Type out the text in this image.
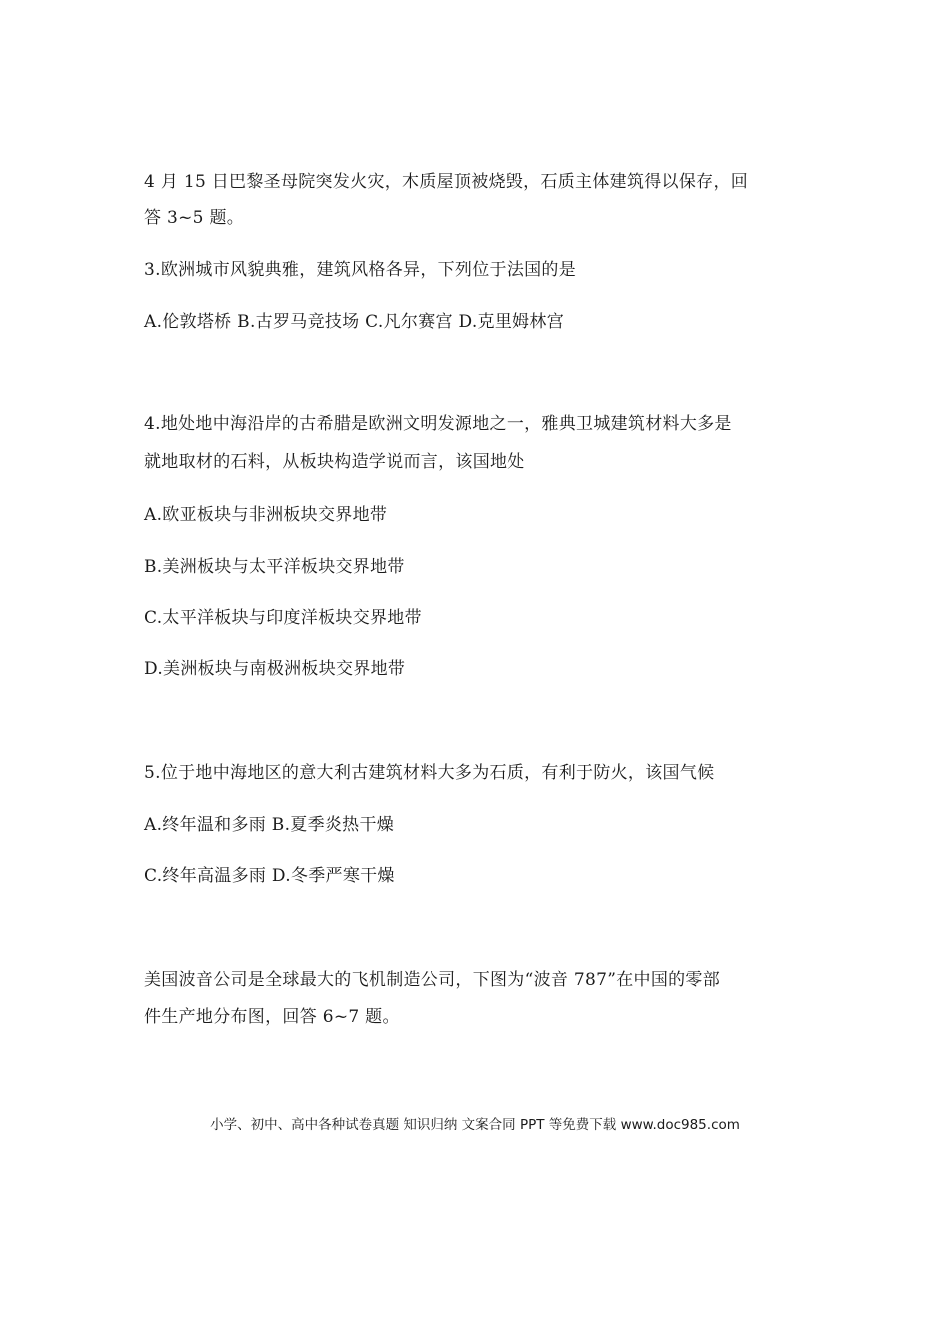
4 月 15 日巴黎圣母院突发火灾，木质屋顶被烧毁，石质主体建筑得以保存，回
答 3~5 题。
3.欧洲城市风貌典雅，建筑风格各异，下列位于法国的是
A.伦敦塔桥 B.古罗马竞技场 C.凡尔赛宫 D.克里姆林宫
4.地处地中海沿岸的古希腊是欧洲文明发源地之一，雅典卫城建筑材料大多是
就地取材的石料，从板块构造学说而言，该国地处
A.欧亚板块与非洲板块交界地带
B.美洲板块与太平洋板块交界地带
C.太平洋板块与印度洋板块交界地带
D.美洲板块与南极洲板块交界地带
5.位于地中海地区的意大利古建筑材料大多为石质，有利于防火，该国气候
A.终年温和多雨 B.夏季炎热干燥
C.终年高温多雨 D.冬季严寒干燥
美国波音公司是全球最大的飞机制造公司，下图为“波音 787”在中国的零部
件生产地分布图，回答 6~7 题。
小学、初中、高中各种试卷真题 知识归纳 文案合同 PPT 等免费下载 www.doc985.com
